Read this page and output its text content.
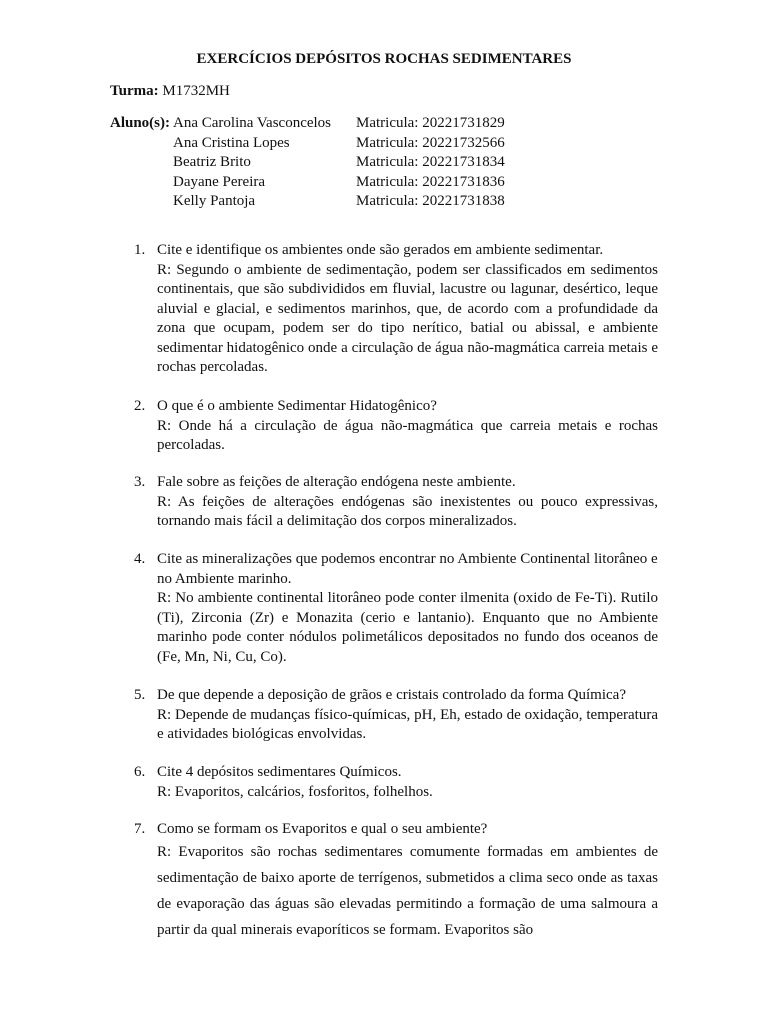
EXERCÍCIOS DEPÓSITOS ROCHAS SEDIMENTARES
Turma: M1732MH
Aluno(s): Ana Carolina Vasconcelos Matricula: 20221731829
Ana Cristina Lopes	Matricula: 20221732566
Beatriz Brito	Matricula: 20221731834
Dayane Pereira	Matricula: 20221731836
Kelly Pantoja	Matricula: 20221731838
1. Cite e identifique os ambientes onde são gerados em ambiente sedimentar.
R: Segundo o ambiente de sedimentação, podem ser classificados em sedimentos continentais, que são subdivididos em fluvial, lacustre ou lagunar, desértico, leque aluvial e glacial, e sedimentos marinhos, que, de acordo com a profundidade da zona que ocupam, podem ser do tipo nerítico, batial ou abissal, e ambiente sedimentar hidatogênico onde a circulação de água não-magmática carreia metais e rochas percoladas.
2. O que é o ambiente Sedimentar Hidatogênico?
R: Onde há a circulação de água não-magmática que carreia metais e rochas percoladas.
3. Fale sobre as feições de alteração endógena neste ambiente.
R: As feições de alterações endógenas são inexistentes ou pouco expressivas, tornando mais fácil a delimitação dos corpos mineralizados.
4. Cite as mineralizações que podemos encontrar no Ambiente Continental litorâneo e no Ambiente marinho.
R: No ambiente continental litorâneo pode conter ilmenita (oxido de Fe-Ti). Rutilo (Ti), Zirconia (Zr) e Monazita (cerio e lantanio). Enquanto que no Ambiente marinho pode conter nódulos polimetálicos depositados no fundo dos oceanos de (Fe, Mn, Ni, Cu, Co).
5. De que depende a deposição de grãos e cristais controlado da forma Química?
R: Depende de mudanças físico-químicas, pH, Eh, estado de oxidação, temperatura e atividades biológicas envolvidas.
6. Cite 4 depósitos sedimentares Químicos.
R: Evaporitos, calcários, fosforitos, folhelhos.
7. Como se formam os Evaporitos e qual o seu ambiente?
R: Evaporitos são rochas sedimentares comumente formadas em ambientes de sedimentação de baixo aporte de terrígenos, submetidos a clima seco onde as taxas de evaporação das águas são elevadas permitindo a formação de uma salmoura a partir da qual minerais evaporíticos se formam. Evaporitos são
